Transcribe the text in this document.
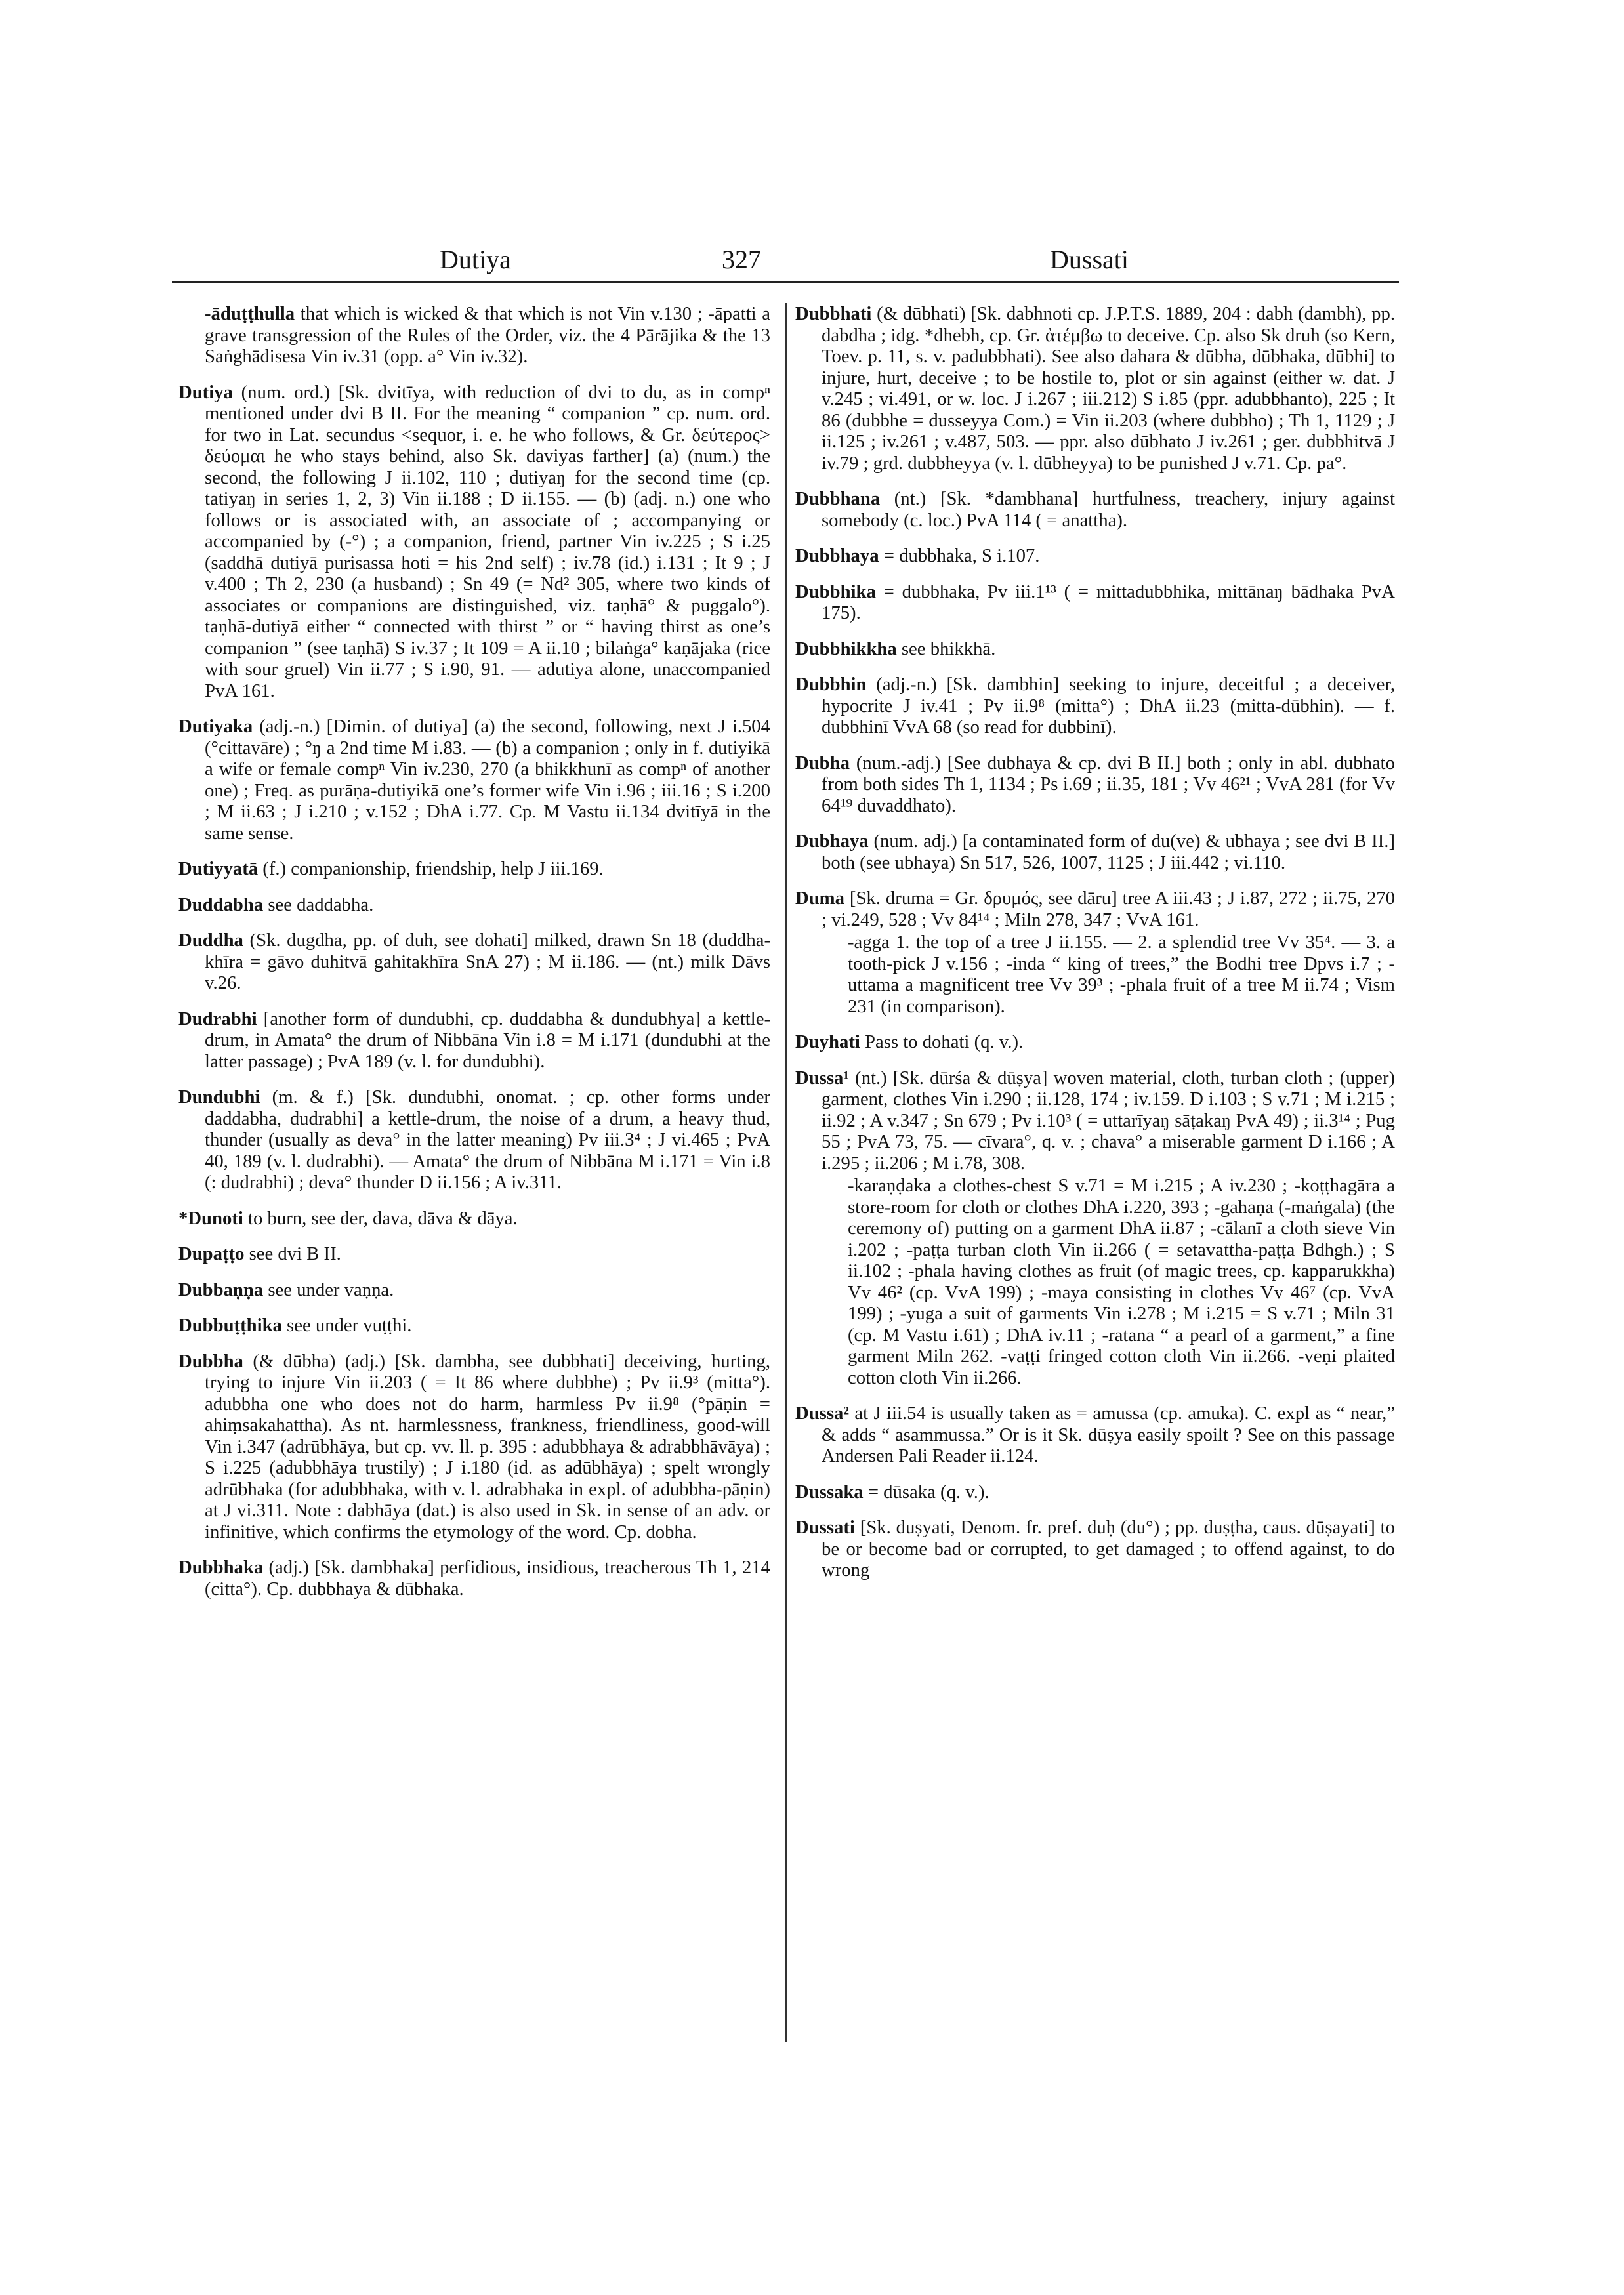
Dutiya	327	Dussati

-āduṭṭhulla that which is wicked & that which is not Vin v.130 ; -āpatti a grave transgression of the Rules of the Order, viz. the 4 Pārājika & the 13 Saṅghādisesa Vin iv.31 (opp. a° Vin iv.32).

Dutiya (num. ord.) [Sk. dvitīya, with reduction of dvi to du, as in compⁿ mentioned under dvi B II. For the meaning “ companion ” cp. num. ord. for two in Lat. secundus <sequor, i. e. he who follows, & Gr. δεύτερος> δεύομαι he who stays behind, also Sk. daviyas farther] (a) (num.) the second, the following J ii.102, 110 ; dutiyaŋ for the second time (cp. tatiyaŋ in series 1, 2, 3) Vin ii.188 ; D ii.155. — (b) (adj. n.) one who follows or is associated with, an associate of ; accompanying or accompanied by (-°) ; a companion, friend, partner Vin iv.225 ; S i.25 (saddhā dutiyā purisassa hoti = his 2nd self) ; iv.78 (id.) i.131 ; It 9 ; J v.400 ; Th 2, 230 (a husband) ; Sn 49 (= Nd² 305, where two kinds of associates or companions are distinguished, viz. taṇhā° & puggalo°). taṇhā-dutiyā either “ connected with thirst ” or “ having thirst as one’s companion ” (see taṇhā) S iv.37 ; It 109 = A ii.10 ; bilaṅga° kaṇājaka (rice with sour gruel) Vin ii.77 ; S i.90, 91. — adutiya alone, unaccompanied PvA 161.

Dutiyaka (adj.-n.) [Dimin. of dutiya] (a) the second, following, next J i.504 (°cittavāre) ; °ŋ a 2nd time M i.83. — (b) a companion ; only in f. dutiyikā a wife or female compⁿ Vin iv.230, 270 (a bhikkhunī as compⁿ of another one) ; Freq. as purāṇa-dutiyikā one’s former wife Vin i.96 ; iii.16 ; S i.200 ; M ii.63 ; J i.210 ; v.152 ; DhA i.77. Cp. M Vastu ii.134 dvitīyā in the same sense.

Dutiyyatā (f.) companionship, friendship, help J iii.169.

Duddabha see daddabha.

Duddha (Sk. dugdha, pp. of duh, see dohati] milked, drawn Sn 18 (duddha-khīra = gāvo duhitvā gahitakhīra SnA 27) ; M ii.186. — (nt.) milk Dāvs v.26.

Dudrabhi [another form of dundubhi, cp. duddabha & dundubhya] a kettle-drum, in Amata° the drum of Nibbāna Vin i.8 = M i.171 (dundubhi at the latter passage) ; PvA 189 (v. l. for dundubhi).

Dundubhi (m. & f.) [Sk. dundubhi, onomat. ; cp. other forms under daddabha, dudrabhi] a kettle-drum, the noise of a drum, a heavy thud, thunder (usually as deva° in the latter meaning) Pv iii.3⁴ ; J vi.465 ; PvA 40, 189 (v. l. dudrabhi). — Amata° the drum of Nibbāna M i.171 = Vin i.8 (: dudrabhi) ; deva° thunder D ii.156 ; A iv.311.

*Dunoti to burn, see der, dava, dāva & dāya.

Dupaṭṭo see dvi B II.

Dubbaṇṇa see under vaṇṇa.

Dubbuṭṭhika see under vuṭṭhi.

Dubbha (& dūbha) (adj.) [Sk. dambha, see dubbhati] deceiving, hurting, trying to injure Vin ii.203 ( = It 86 where dubbhe) ; Pv ii.9³ (mitta°). adubbha one who does not do harm, harmless Pv ii.9⁸ (°pāṇin = ahiṃsakahattha). As nt. harmlessness, frankness, friendliness, good-will Vin i.347 (adrūbhāya, but cp. vv. ll. p. 395 : adubbhaya & adrabbhāvāya) ; S i.225 (adubbhāya trustily) ; J i.180 (id. as adūbhāya) ; spelt wrongly adrūbhaka (for adubbhaka, with v. l. adrabhaka in expl. of adubbha-pāṇin) at J vi.311. Note : dabhāya (dat.) is also used in Sk. in sense of an adv. or infinitive, which confirms the etymology of the word. Cp. dobha.

Dubbhaka (adj.) [Sk. dambhaka] perfidious, insidious, treacherous Th 1, 214 (citta°). Cp. dubbhaya & dūbhaka.

Dubbhati (& dūbhati) [Sk. dabhnoti cp. J.P.T.S. 1889, 204 : dabh (dambh), pp. dabdha ; idg. *dhebh, cp. Gr. ἀτέμβω to deceive. Cp. also Sk druh (so Kern, Toev. p. 11, s. v. padubbhati). See also dahara & dūbha, dūbhaka, dūbhi] to injure, hurt, deceive ; to be hostile to, plot or sin against (either w. dat. J v.245 ; vi.491, or w. loc. J i.267 ; iii.212) S i.85 (ppr. adubbhanto), 225 ; It 86 (dubbhe = dusseyya Com.) = Vin ii.203 (where dubbho) ; Th 1, 1129 ; J ii.125 ; iv.261 ; v.487, 503. — ppr. also dūbhato J iv.261 ; ger. dubbhitvā J iv.79 ; grd. dubbheyya (v. l. dūbheyya) to be punished J v.71. Cp. pa°.

Dubbhana (nt.) [Sk. *dambhana] hurtfulness, treachery, injury against somebody (c. loc.) PvA 114 ( = anattha).

Dubbhaya = dubbhaka, S i.107.

Dubbhika = dubbhaka, Pv iii.1¹³ ( = mittadubbhika, mittānaŋ bādhaka PvA 175).

Dubbhikkha see bhikkhā.

Dubbhin (adj.-n.) [Sk. dambhin] seeking to injure, deceitful ; a deceiver, hypocrite J iv.41 ; Pv ii.9⁸ (mitta°) ; DhA ii.23 (mitta-dūbhin). — f. dubbhinī VvA 68 (so read for dubbinī).

Dubha (num.-adj.) [See dubhaya & cp. dvi B II.] both ; only in abl. dubhato from both sides Th 1, 1134 ; Ps i.69 ; ii.35, 181 ; Vv 46²¹ ; VvA 281 (for Vv 64¹⁹ duvaddhato).

Dubhaya (num. adj.) [a contaminated form of du(ve) & ubhaya ; see dvi B II.] both (see ubhaya) Sn 517, 526, 1007, 1125 ; J iii.442 ; vi.110.

Duma [Sk. druma = Gr. δρυμός, see dāru] tree A iii.43 ; J i.87, 272 ; ii.75, 270 ; vi.249, 528 ; Vv 84¹⁴ ; Miln 278, 347 ; VvA 161.
-agga 1. the top of a tree J ii.155. — 2. a splendid tree Vv 35⁴. — 3. a tooth-pick J v.156 ; -inda “ king of trees,” the Bodhi tree Dpvs i.7 ; -uttama a magnificent tree Vv 39³ ; -phala fruit of a tree M ii.74 ; Vism 231 (in comparison).

Duyhati Pass to dohati (q. v.).

Dussa¹ (nt.) [Sk. dūrśa & dūṣya] woven material, cloth, turban cloth ; (upper) garment, clothes Vin i.290 ; ii.128, 174 ; iv.159. D i.103 ; S v.71 ; M i.215 ; ii.92 ; A v.347 ; Sn 679 ; Pv i.10³ ( = uttarīyaŋ sāṭakaŋ PvA 49) ; ii.3¹⁴ ; Pug 55 ; PvA 73, 75. — cīvara°, q. v. ; chava° a miserable garment D i.166 ; A i.295 ; ii.206 ; M i.78, 308.
-karaṇḍaka a clothes-chest S v.71 = M i.215 ; A iv.230 ; -koṭṭhagāra a store-room for cloth or clothes DhA i.220, 393 ; -gahaṇa (-maṅgala) (the ceremony of) putting on a garment DhA ii.87 ; -cālanī a cloth sieve Vin i.202 ; -paṭṭa turban cloth Vin ii.266 ( = setavattha-paṭṭa Bdhgh.) ; S ii.102 ; -phala having clothes as fruit (of magic trees, cp. kapparukkha) Vv 46² (cp. VvA 199) ; -maya consisting in clothes Vv 46⁷ (cp. VvA 199) ; -yuga a suit of garments Vin i.278 ; M i.215 = S v.71 ; Miln 31 (cp. M Vastu i.61) ; DhA iv.11 ; -ratana “ a pearl of a garment,” a fine garment Miln 262. -vaṭṭi fringed cotton cloth Vin ii.266. -veṇi plaited cotton cloth Vin ii.266.

Dussa² at J iii.54 is usually taken as = amussa (cp. amuka). C. expl as “ near,” & adds “ asammussa.” Or is it Sk. dūṣya easily spoilt ? See on this passage Andersen Pali Reader ii.124.

Dussaka = dūsaka (q. v.).

Dussati [Sk. duṣyati, Denom. fr. pref. duḥ (du°) ; pp. duṣṭha, caus. dūṣayati] to be or become bad or corrupted, to get damaged ; to offend against, to do wrong
